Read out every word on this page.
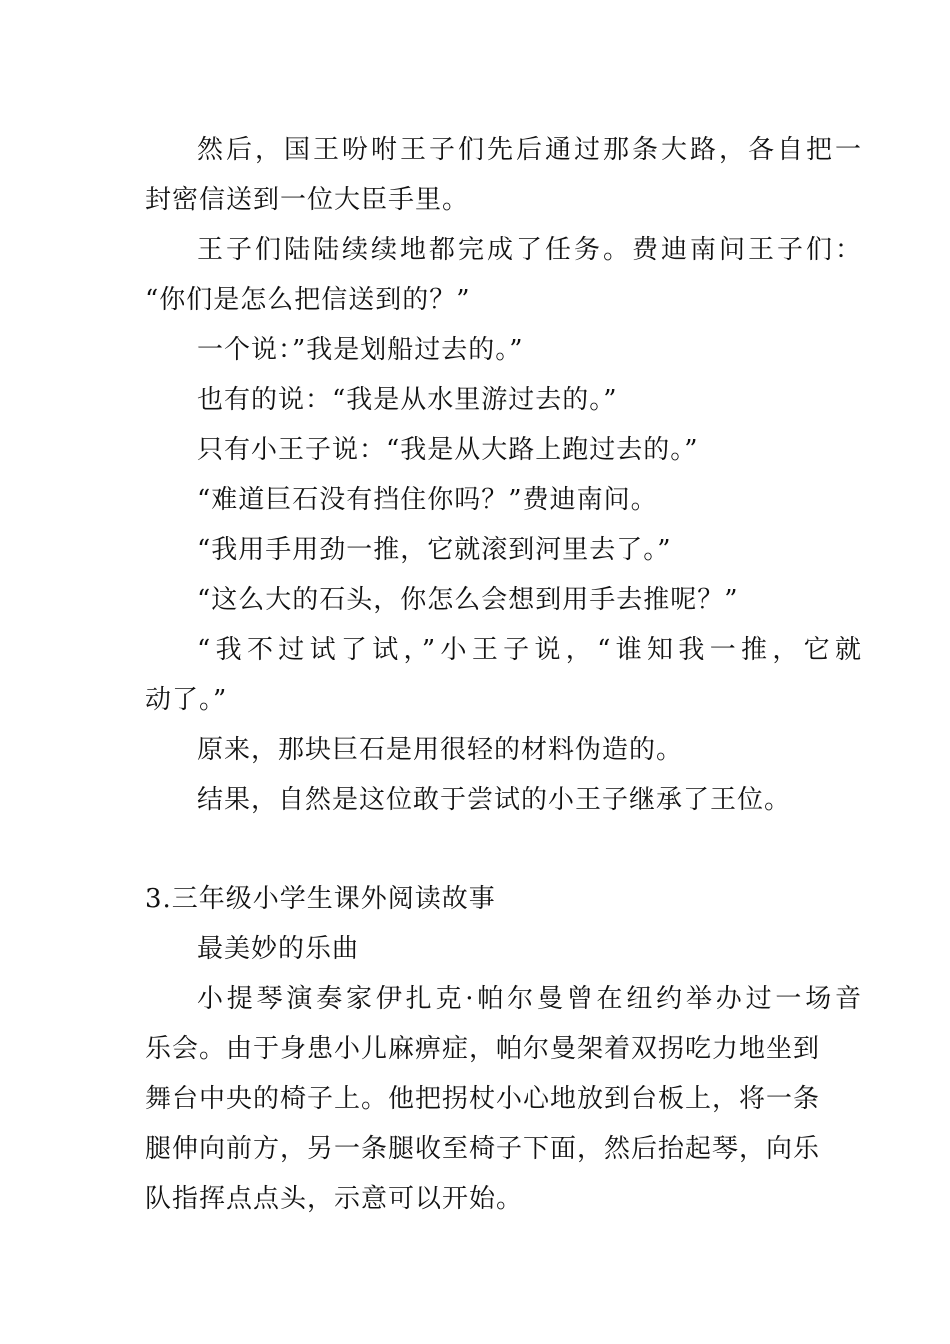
然后，国王吩咐王子们先后通过那条大路，各自把一
封密信送到一位大臣手里。
王子们陆陆续续地都完成了任务。费迪南问王子们：
“你们是怎么把信送到的？”
一个说：”我是划船过去的。”
也有的说：“我是从水里游过去的。”
只有小王子说：“我是从大路上跑过去的。”
“难道巨石没有挡住你吗？”费迪南问。
“我用手用劲一推，它就滚到河里去了。”
“这么大的石头，你怎么会想到用手去推呢？”
“我不过试了试，”小王子说，“谁知我一推，它就
动了。”
原来，那块巨石是用很轻的材料伪造的。
结果，自然是这位敢于尝试的小王子继承了王位。
3.三年级小学生课外阅读故事
最美妙的乐曲
小提琴演奏家伊扎克·帕尔曼曾在纽约举办过一场音
乐会。由于身患小儿麻痹症，帕尔曼架着双拐吃力地坐到
舞台中央的椅子上。他把拐杖小心地放到台板上，将一条
腿伸向前方，另一条腿收至椅子下面，然后抬起琴，向乐
队指挥点点头，示意可以开始。
